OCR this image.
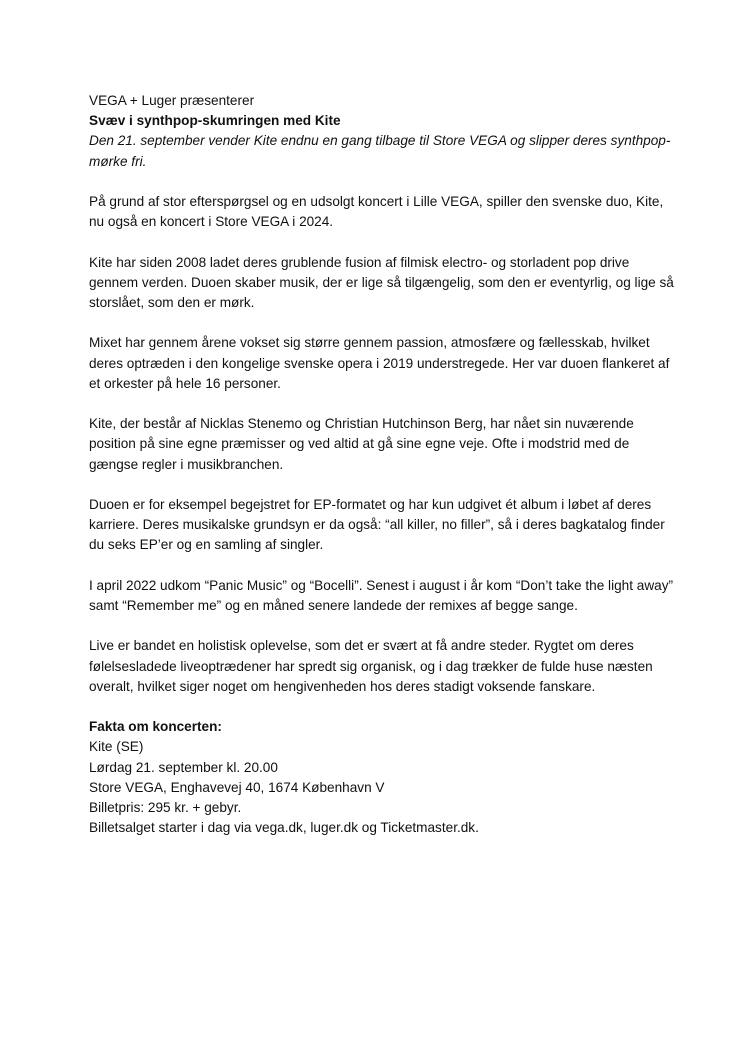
VEGA + Luger præsenterer

Svæv i synthpop-skumringen med Kite

Den 21. september vender Kite endnu en gang tilbage til Store VEGA og slipper deres synthpop-mørke fri.

På grund af stor efterspørgsel og en udsolgt koncert i Lille VEGA, spiller den svenske duo, Kite, nu også en koncert i Store VEGA i 2024.

Kite har siden 2008 ladet deres grublende fusion af filmisk electro- og storladent pop drive gennem verden. Duoen skaber musik, der er lige så tilgængelig, som den er eventyrlig, og lige så storslået, som den er mørk.

Mixet har gennem årene vokset sig større gennem passion, atmosfære og fællesskab, hvilket deres optræden i den kongelige svenske opera i 2019 understregede. Her var duoen flankeret af et orkester på hele 16 personer.

Kite, der består af Nicklas Stenemo og Christian Hutchinson Berg, har nået sin nuværende position på sine egne præmisser og ved altid at gå sine egne veje. Ofte i modstrid med de gængse regler i musikbranchen.

Duoen er for eksempel begejstret for EP-formatet og har kun udgivet ét album i løbet af deres karriere. Deres musikalske grundsyn er da også: “all killer, no filler”, så i deres bagkatalog finder du seks EP’er og en samling af singler.

I april 2022 udkom “Panic Music” og “Bocelli”. Senest i august i år kom “Don’t take the light away” samt “Remember me” og en måned senere landede der remixes af begge sange.

Live er bandet en holistisk oplevelse, som det er svært at få andre steder. Rygtet om deres følelsesladede liveoptrædener har spredt sig organisk, og i dag trækker de fulde huse næsten overalt, hvilket siger noget om hengivenheden hos deres stadigt voksende fanskare.

Fakta om koncerten:

Kite (SE)

Lørdag 21. september kl. 20.00

Store VEGA, Enghavevej 40, 1674 København V

Billetpris: 295 kr. + gebyr.

Billetsalget starter i dag via vega.dk, luger.dk og Ticketmaster.dk.
